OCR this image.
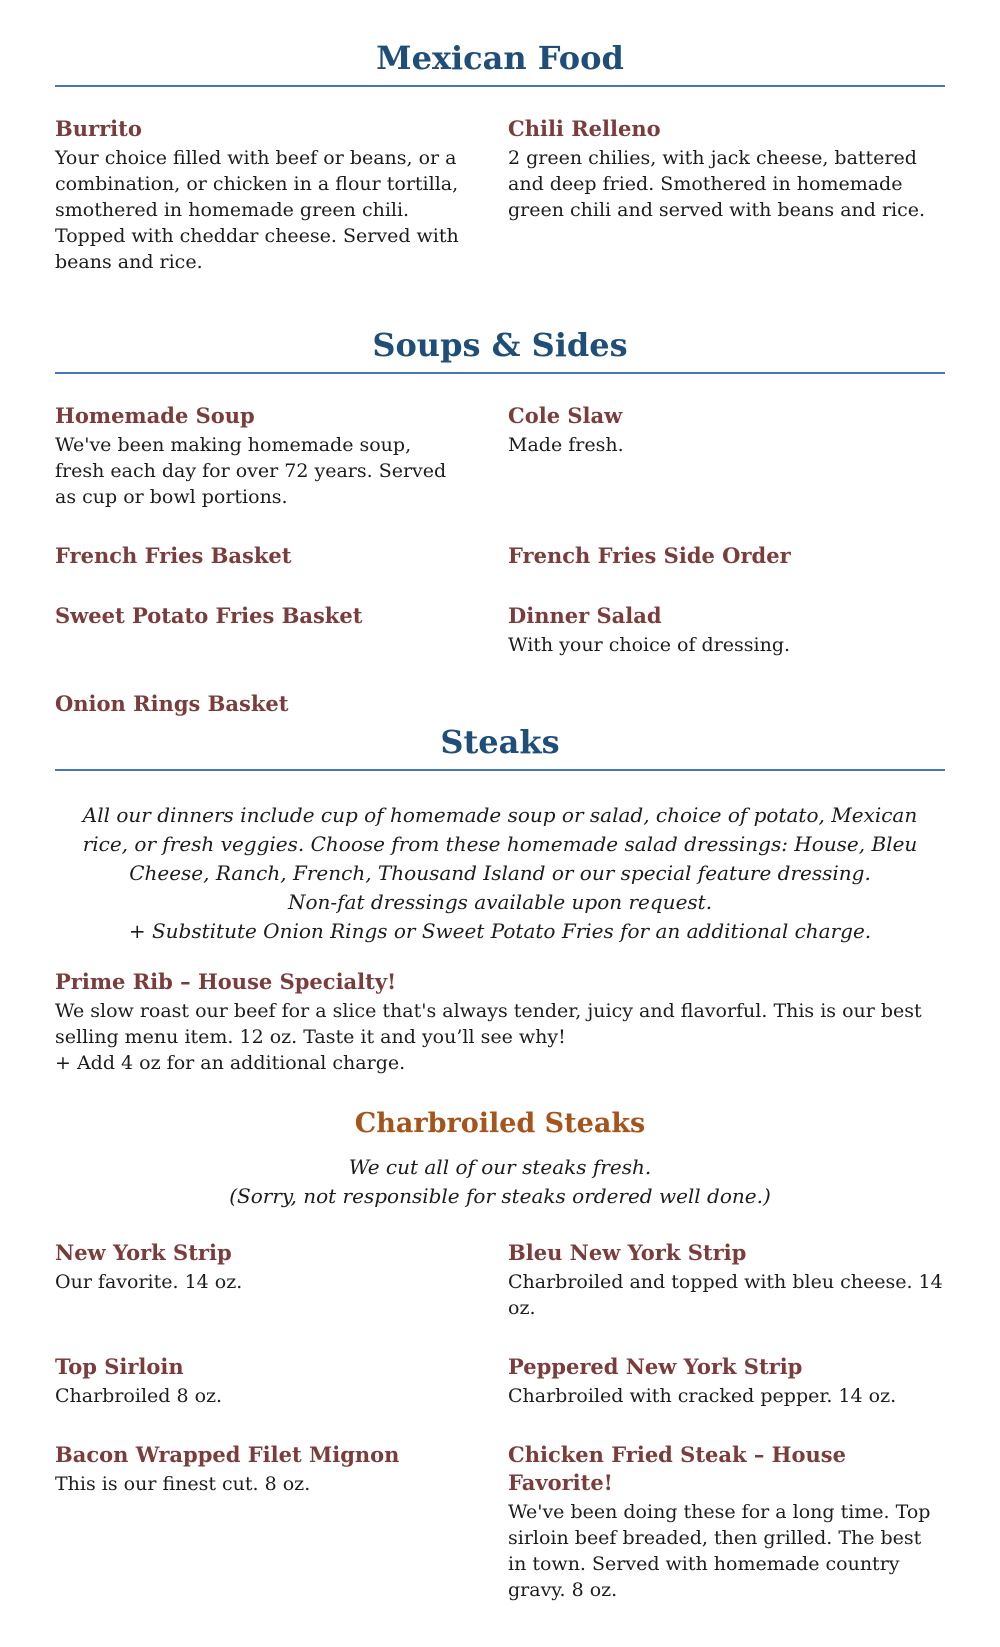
Mexican Food
Burrito
Your choice filled with beef or beans, or a combination, or chicken in a flour tortilla, smothered in homemade green chili. Topped with cheddar cheese. Served with beans and rice.
Chili Relleno
2 green chilies, with jack cheese, battered and deep fried. Smothered in homemade green chili and served with beans and rice.
Soups & Sides
Homemade Soup
We've been making homemade soup, fresh each day for over 72 years. Served as cup or bowl portions.
Cole Slaw
Made fresh.
French Fries Basket	French Fries Side Order
Sweet Potato Fries Basket	Dinner Salad
With your choice of dressing.
Onion Rings Basket
Steaks

All our dinners include cup of homemade soup or salad, choice of potato, Mexican rice, or fresh veggies. Choose from these homemade salad dressings: House, Bleu Cheese, Ranch, French, Thousand Island or our special feature dressing.

Non-fat dressings available upon request.

+ Substitute Onion Rings or Sweet Potato Fries for an additional charge.

Prime Rib – House Specialty!
We slow roast our beef for a slice that's always tender, juicy and flavorful. This is our best selling menu item. 12 oz. Taste it and you’ll see why!
+ Add 4 oz for an additional charge.
Charbroiled Steaks

We cut all of our steaks fresh.

(Sorry, not responsible for steaks ordered well done.)

New York Strip
Our favorite. 14 oz.
Bleu New York Strip
Charbroiled and topped with bleu cheese. 14 oz.
Top Sirloin
Charbroiled 8 oz.
Peppered New York Strip
Charbroiled with cracked pepper. 14 oz.
Bacon Wrapped Filet Mignon
This is our finest cut. 8 oz.
Chicken Fried Steak – House Favorite!
We've been doing these for a long time. Top sirloin beef breaded, then grilled. The best in town. Served with homemade country gravy. 8 oz.
